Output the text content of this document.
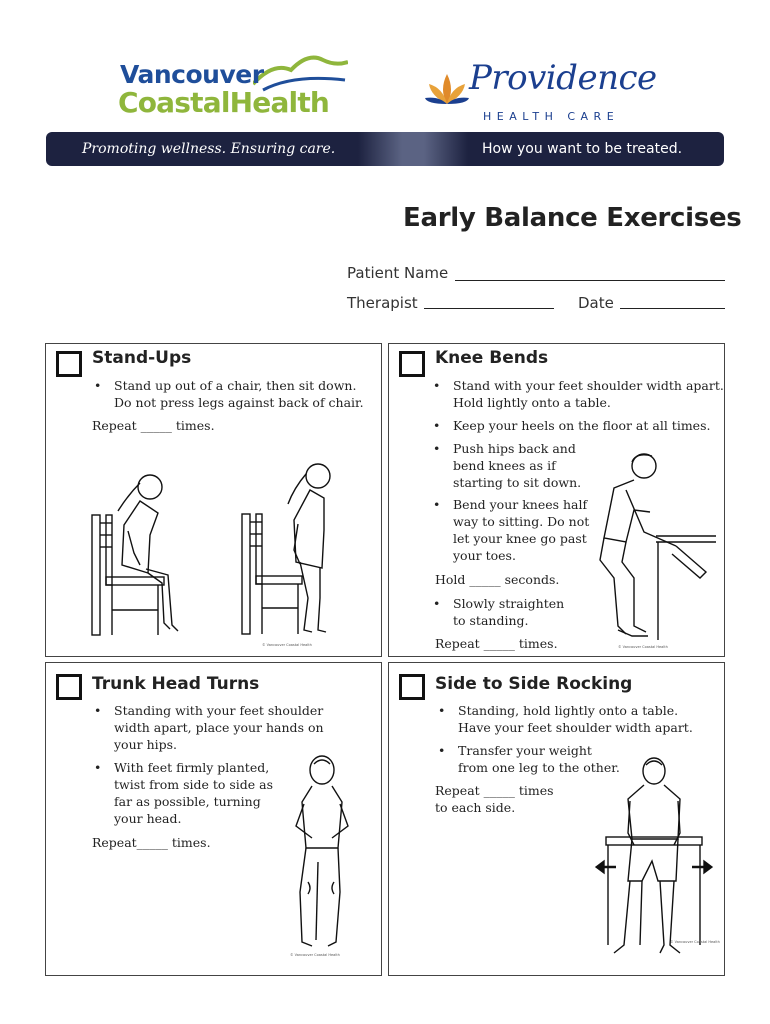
Vancouver
CoastalHealth
Providence
HEALTH CARE
Promoting wellness. Ensuring care.	How you want to be treated.
Early Balance Exercises
Patient Name
Therapist	Date
Stand-Ups
• Stand up out of a chair, then sit down.
Do not press legs against back of chair.
Repeat _____ times.
© Vancouver Coastal Health
Knee Bends
• Stand with your feet shoulder width apart.
Hold lightly onto a table.
• Keep your heels on the floor at all times.
• Push hips back and
bend knees as if
starting to sit down.
• Bend your knees half
way to sitting. Do not
let your knee go past
your toes.
Hold _____ seconds.
• Slowly straighten
to standing.
Repeat _____ times.	© Vancouver Coastal Health
Trunk Head Turns
• Standing with your feet shoulder
width apart, place your hands on
your hips.
• With feet firmly planted,
twist from side to side as
far as possible, turning
your head.
Repeat_____ times.
© Vancouver Coastal Health
Side to Side Rocking
• Standing, hold lightly onto a table.
Have your feet shoulder width apart.
• Transfer your weight
from one leg to the other.
Repeat _____ times
to each side.
© Vancouver Coastal Health
